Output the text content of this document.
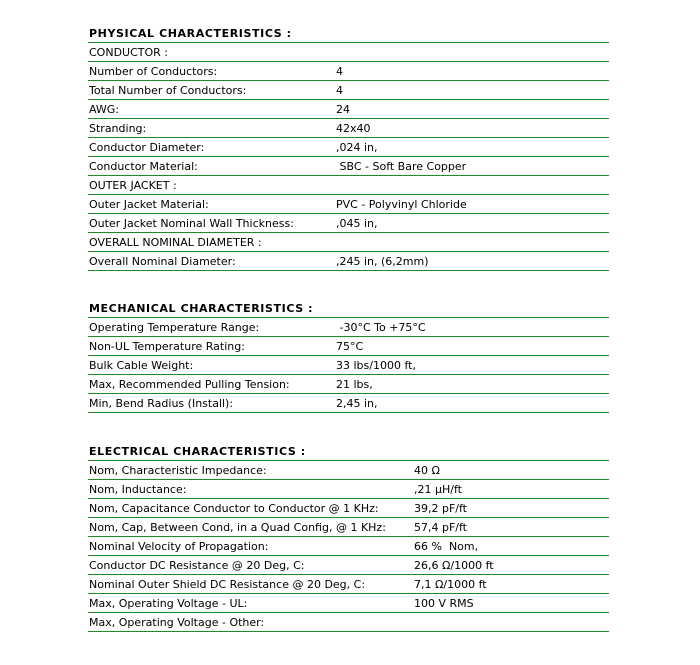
PHYSICAL CHARACTERISTICS :
CONDUCTOR :
Number of Conductors:	4
Total Number of Conductors:	4
AWG:	24
Stranding:	42x40
Conductor Diameter:	,024 in,
Conductor Material:	SBC - Soft Bare Copper
OUTER JACKET :
Outer Jacket Material:	PVC - Polyvinyl Chloride
Outer Jacket Nominal Wall Thickness:	,045 in,
OVERALL NOMINAL DIAMETER :
Overall Nominal Diameter:	,245 in, (6,2mm)
MECHANICAL CHARACTERISTICS :
Operating Temperature Range:	-30°C To +75°C
Non-UL Temperature Rating:	75°C
Bulk Cable Weight:	33 lbs/1000 ft,
Max, Recommended Pulling Tension:	21 lbs,
Min, Bend Radius (Install):	2,45 in,
ELECTRICAL CHARACTERISTICS :
Nom, Characteristic Impedance:	40 Ω
Nom, Inductance:	,21 µH/ft
Nom, Capacitance Conductor to Conductor @ 1 KHz:	39,2 pF/ft
Nom, Cap, Between Cond, in a Quad Config, @ 1 KHz:	57,4 pF/ft
Nominal Velocity of Propagation:	66 %  Nom,
Conductor DC Resistance @ 20 Deg, C:	26,6 Ω/1000 ft
Nominal Outer Shield DC Resistance @ 20 Deg, C:	7,1 Ω/1000 ft
Max, Operating Voltage - UL:	100 V RMS
Max, Operating Voltage - Other:
